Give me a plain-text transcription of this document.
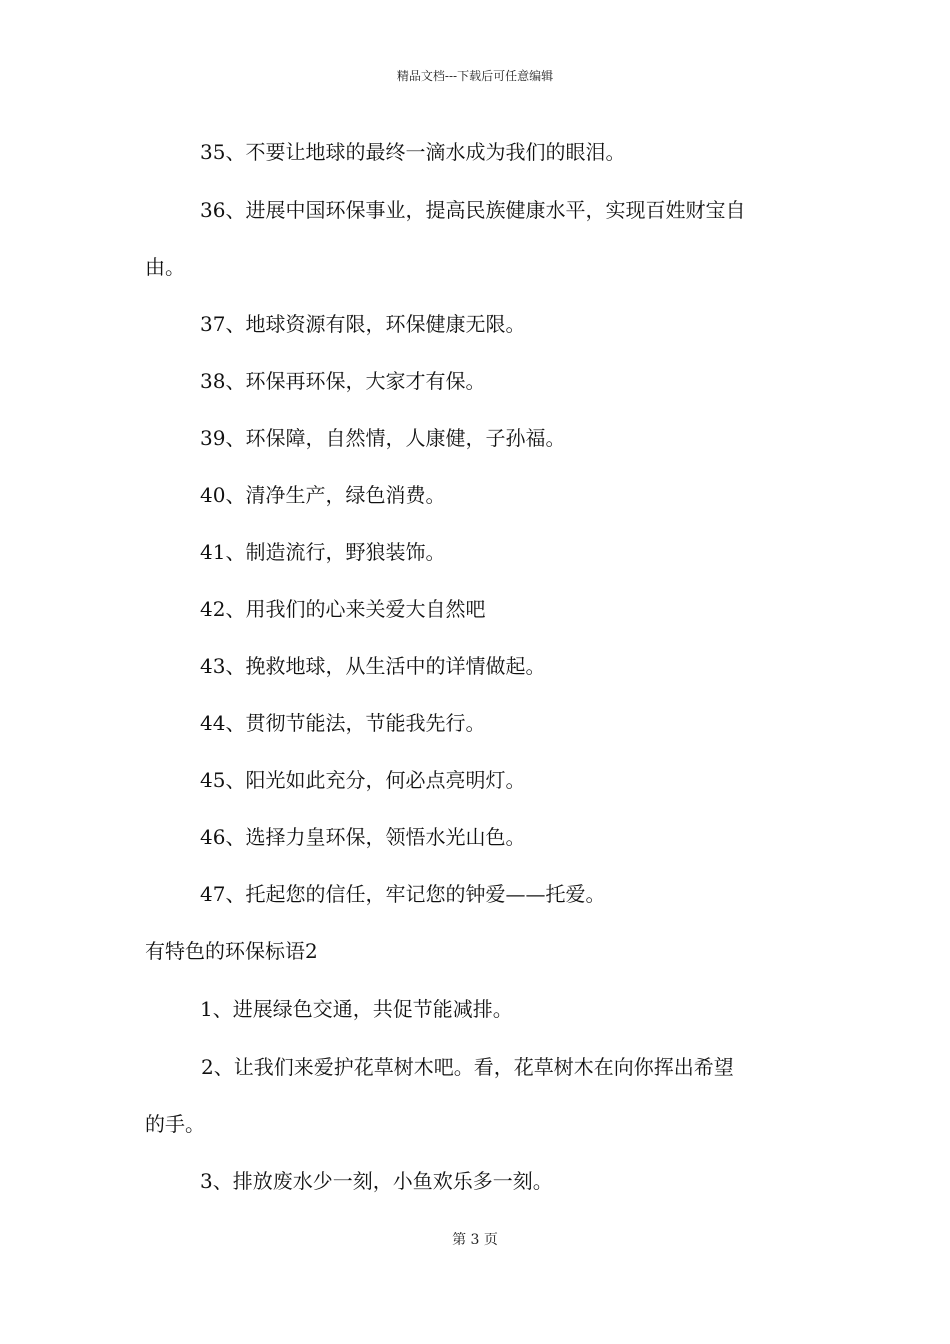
精品文档---下载后可任意编辑
35、不要让地球的最终一滴水成为我们的眼泪。
36、进展中国环保事业，提高民族健康水平，实现百姓财宝自
由。
37、地球资源有限，环保健康无限。
38、环保再环保，大家才有保。
39、环保障，自然情，人康健，子孙福。
40、清净生产，绿色消费。
41、制造流行，野狼装饰。
42、用我们的心来关爱大自然吧
43、挽救地球，从生活中的详情做起。
44、贯彻节能法，节能我先行。
45、阳光如此充分，何必点亮明灯。
46、选择力皇环保，领悟水光山色。
47、托起您的信任，牢记您的钟爱——托爱。
有特色的环保标语2
1、进展绿色交通，共促节能减排。
2、让我们来爱护花草树木吧。看，花草树木在向你挥出希望
的手。
3、排放废水少一刻，小鱼欢乐多一刻。
第 3 页
